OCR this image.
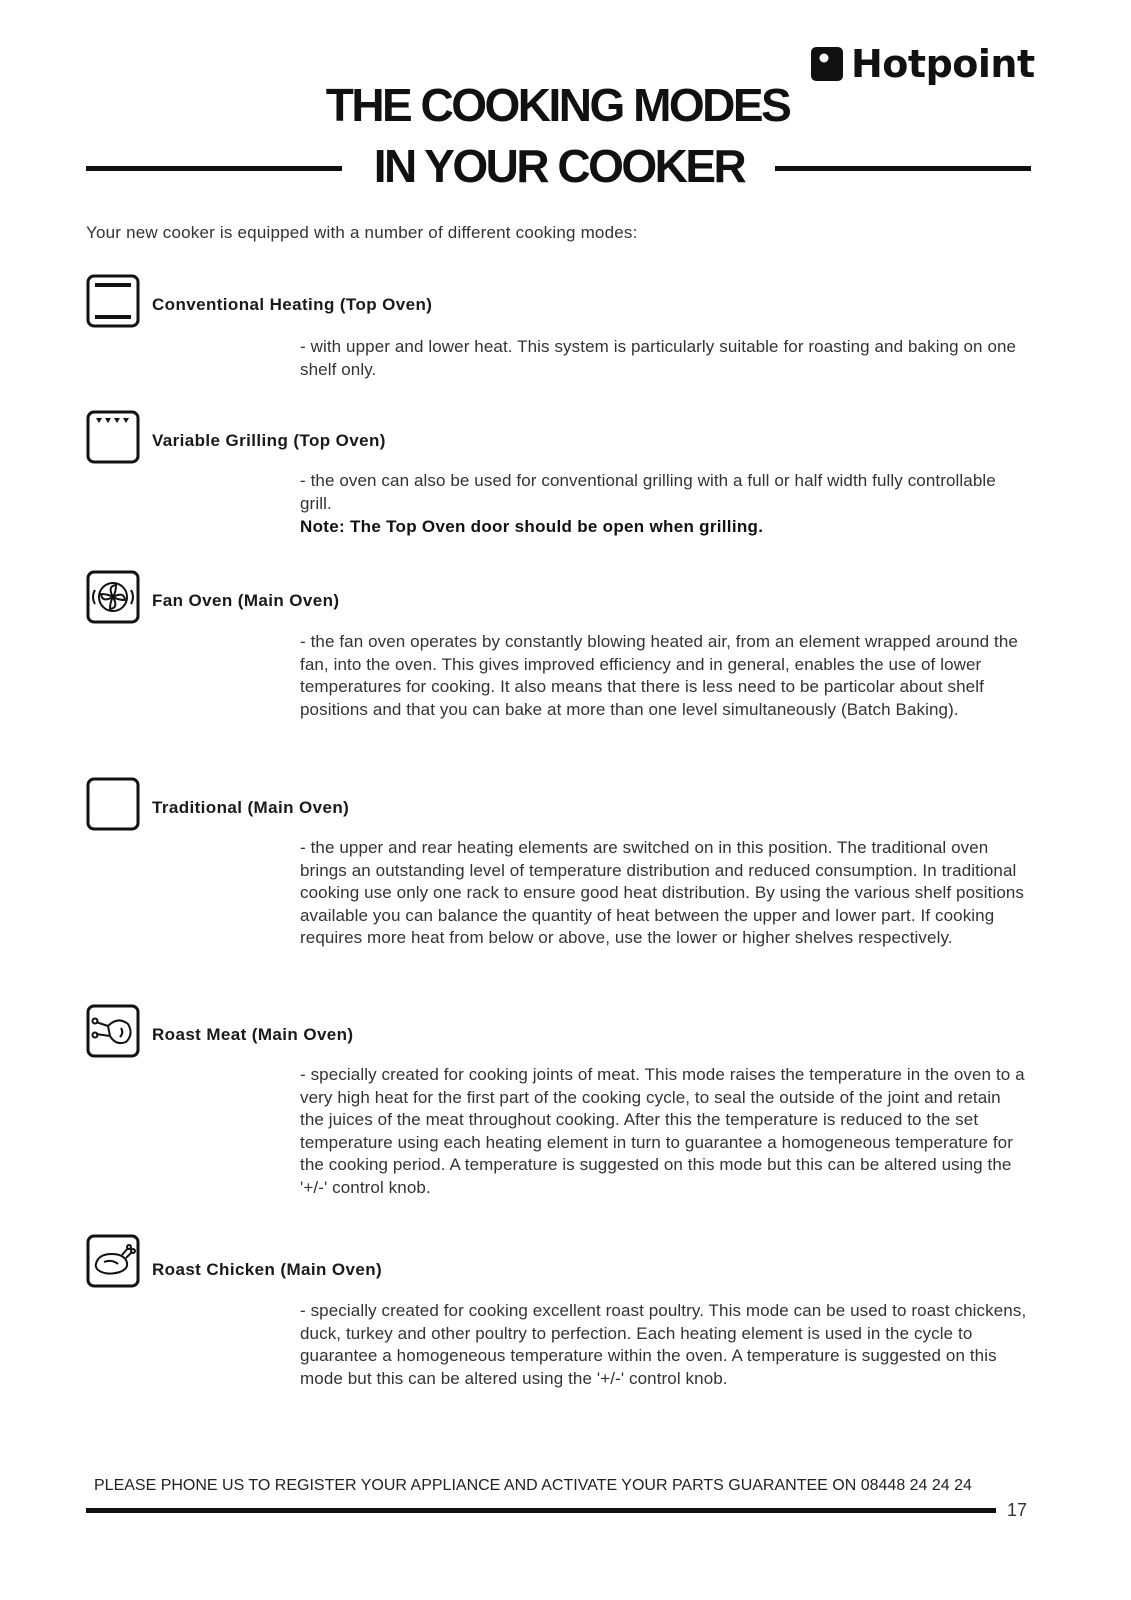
Hotpoint
THE COOKING MODES
IN YOUR COOKER
Your new cooker is equipped with a number of different cooking modes:
Conventional Heating (Top Oven)
- with upper and lower heat. This system is particularly suitable for roasting and baking on one shelf only.
Variable Grilling (Top Oven)
- the oven can also be used for conventional grilling with a full or half width fully controllable grill.
Note: The Top Oven door should be open when grilling.
Fan Oven (Main Oven)
- the fan oven operates by constantly blowing heated air, from an element wrapped around the fan, into the oven. This gives improved efficiency and in general, enables the use of lower temperatures for cooking. It also means that there is less need to be particolar about shelf positions and that you can bake at more than one level simultaneously (Batch Baking).
Traditional (Main Oven)
- the upper and rear heating elements are switched on in this position. The traditional oven brings an outstanding level of temperature distribution and reduced consumption. In traditional cooking use only one rack to ensure good heat distribution. By using the various shelf positions available you can balance the quantity of heat between the upper and lower part. If cooking requires more heat from below or above, use the lower or higher shelves respectively.
Roast Meat (Main Oven)
- specially created for cooking joints of meat. This mode raises the temperature in the oven to a very high heat for the first part of the cooking cycle, to seal the outside of the joint and retain the juices of the meat throughout cooking. After this the temperature is reduced to the set temperature using each heating element in turn to guarantee a homogeneous temperature for the cooking period. A temperature is suggested on this mode but this can be altered using the '+/-' control knob.
Roast Chicken (Main Oven)
- specially created for cooking excellent roast poultry. This mode can be used to roast chickens, duck, turkey and other poultry to perfection. Each heating element is used in the cycle to guarantee a homogeneous temperature within the oven. A temperature is suggested on this mode but this can be altered using the '+/-' control knob.
PLEASE PHONE US TO REGISTER YOUR APPLIANCE AND ACTIVATE YOUR PARTS GUARANTEE ON 08448 24 24 24
17
